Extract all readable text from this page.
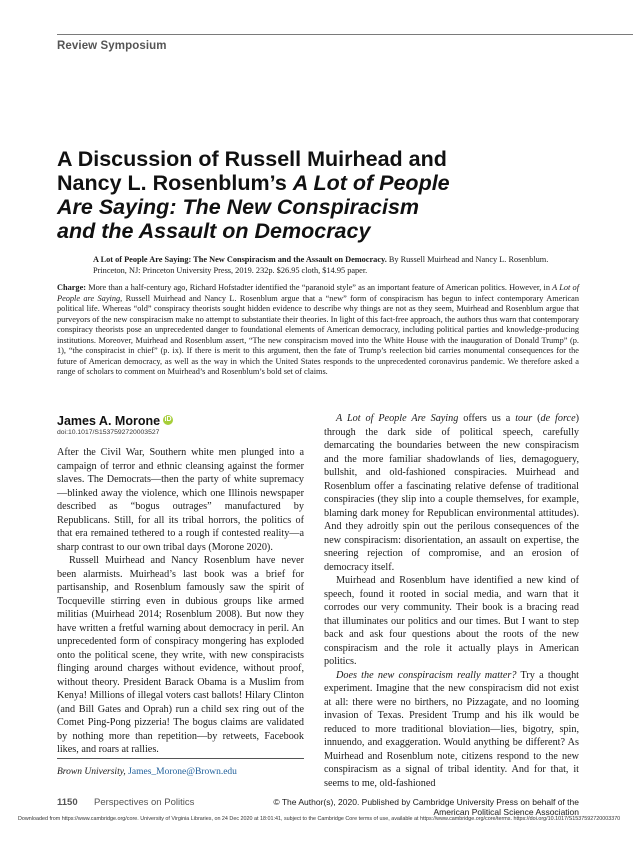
Review Symposium
A Discussion of Russell Muirhead and
Nancy L. Rosenblum’s A Lot of People
Are Saying: The New Conspiracism
and the Assault on Democracy
A Lot of People Are Saying: The New Conspiracism and the Assault on Democracy. By Russell Muirhead and Nancy L. Rosenblum. Princeton, NJ: Princeton University Press, 2019. 232p. $26.95 cloth, $14.95 paper.
Charge: More than a half-century ago, Richard Hofstadter identified the “paranoid style” as an important feature of American politics. However, in A Lot of People are Saying, Russell Muirhead and Nancy L. Rosenblum argue that a “new” form of conspiracism has begun to infect contemporary American political life. Whereas “old” conspiracy theorists sought hidden evidence to describe why things are not as they seem, Muirhead and Rosenblum argue that purveyors of the new conspiracism make no attempt to substantiate their theories. In light of this fact-free approach, the authors thus warn that contemporary conspiracy theorists pose an unprecedented danger to foundational elements of American democracy, including political parties and knowledge-producing institutions. Moreover, Muirhead and Rosenblum assert, “The new conspiracism moved into the White House with the inauguration of Donald Trump” (p. 1), “the conspiracist in chief” (p. ix). If there is merit to this argument, then the fate of Trump’s reelection bid carries monumental consequences for the future of American democracy, as well as the way in which the United States responds to the unprecedented coronavirus pandemic. We therefore asked a range of scholars to comment on Muirhead’s and Rosenblum’s bold set of claims.
James A. Morone iD
doi:10.1017/S1537592720003527

After the Civil War, Southern white men plunged into a campaign of terror and ethnic cleansing against the former slaves. The Democrats—then the party of white supremacy—blinked away the violence, which one Illinois newspaper described as “bogus outrages” manufactured by Republicans. Still, for all its tribal horrors, the politics of that era remained tethered to a rough if contested reality—a sharp contrast to our own tribal days (Morone 2020).

Russell Muirhead and Nancy Rosenblum have never been alarmists. Muirhead’s last book was a brief for partisanship, and Rosenblum famously saw the spirit of Tocqueville stirring even in dubious groups like armed militias (Muirhead 2014; Rosenblum 2008). But now they have written a fretful warning about democracy in peril. An unprecedented form of conspiracy mongering has exploded onto the political scene, they write, with new conspiracists flinging around charges without evidence, without proof, without theory. President Barack Obama is a Muslim from Kenya! Millions of illegal voters cast ballots! Hilary Clinton (and Bill Gates and Oprah) run a child sex ring out of the Comet Ping-Pong pizzeria! The bogus claims are validated by nothing more than repetition—by retweets, Facebook likes, and roars at rallies.

A Lot of People Are Saying offers us a tour (de force) through the dark side of political speech, carefully demarcating the boundaries between the new conspiracism and the more familiar shadowlands of lies, demagoguery, bullshit, and old-fashioned conspiracies. Muirhead and Rosenblum offer a fascinating relative defense of traditional conspiracies (they slip into a couple themselves, for example, blaming dark money for Republican environmental attitudes). And they adroitly spin out the perilous consequences of the new conspiracism: disorientation, an assault on expertise, the sneering rejection of compromise, and an erosion of democracy itself.

Muirhead and Rosenblum have identified a new kind of speech, found it rooted in social media, and warn that it corrodes our very community. Their book is a bracing read that illuminates our politics and our times. But I want to step back and ask four questions about the roots of the new conspiracism and the role it actually plays in American politics.

Does the new conspiracism really matter? Try a thought experiment. Imagine that the new conspiracism did not exist at all: there were no birthers, no Pizzagate, and no looming invasion of Texas. President Trump and his ilk would be reduced to more traditional bloviation—lies, bigotry, spin, innuendo, and exaggeration. Would anything be different? As Muirhead and Rosenblum note, citizens respond to the new conspiracism as a signal of tribal identity. And for that, it seems to me, old-fashioned

Brown University, James_Morone@Brown.edu
1150 Perspectives on Politics	© The Author(s), 2020. Published by Cambridge University Press on behalf of the American Political Science Association
Downloaded from https://www.cambridge.org/core. University of Virginia Libraries, on 24 Dec 2020 at 18:01:41, subject to the Cambridge Core terms of use, available at https://www.cambridge.org/core/terms. https://doi.org/10.1017/S1537592720003370
